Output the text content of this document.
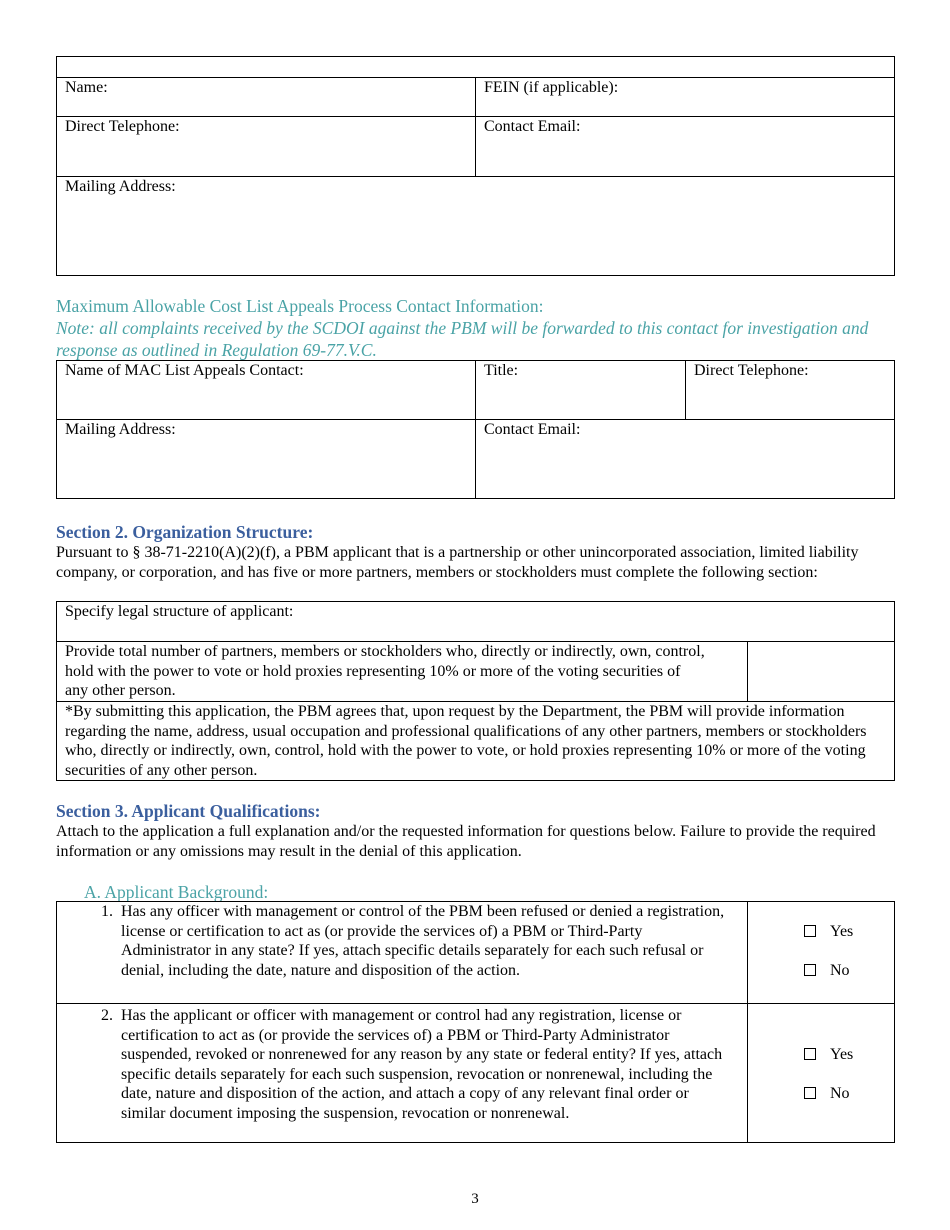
Name:	FEIN (if applicable):
Direct Telephone:	Contact Email:
Mailing Address:	
Maximum Allowable Cost List Appeals Process Contact Information:
Note: all complaints received by the SCDOI against the PBM will be forwarded to this contact for investigation and response as outlined in Regulation 69-77.V.C.
Name of MAC List Appeals Contact:	Title:	Direct Telephone:
Mailing Address:	Contact Email:	
Section 2. Organization Structure:
Pursuant to § 38-71-2210(A)(2)(f), a PBM applicant that is a partnership or other unincorporated association, limited liability company, or corporation, and has five or more partners, members or stockholders must complete the following section:
Specify legal structure of applicant:
Provide total number of partners, members or stockholders who, directly or indirectly, own, control, hold with the power to vote or hold proxies representing 10% or more of the voting securities of any other person.	
*By submitting this application, the PBM agrees that, upon request by the Department, the PBM will provide information regarding the name, address, usual occupation and professional qualifications of any other partners, members or stockholders who, directly or indirectly, own, control, hold with the power to vote, or hold proxies representing 10% or more of the voting securities of any other person.
Section 3. Applicant Qualifications:
Attach to the application a full explanation and/or the requested information for questions below. Failure to provide the required information or any omissions may result in the denial of this application.
A. Applicant Background:
1. Has any officer with management or control of the PBM been refused or denied a registration, license or certification to act as (or provide the services of) a PBM or Third-Party Administrator in any state? If yes, attach specific details separately for each such refusal or denial, including the date, nature and disposition of the action.	Yes
No

2. Has the applicant or officer with management or control had any registration, license or certification to act as (or provide the services of) a PBM or Third-Party Administrator suspended, revoked or nonrenewed for any reason by any state or federal entity? If yes, attach specific details separately for each such suspension, revocation or nonrenewal, including the date, nature and disposition of the action, and attach a copy of any relevant final order or similar document imposing the suspension, revocation or nonrenewal.	Yes
No
3
